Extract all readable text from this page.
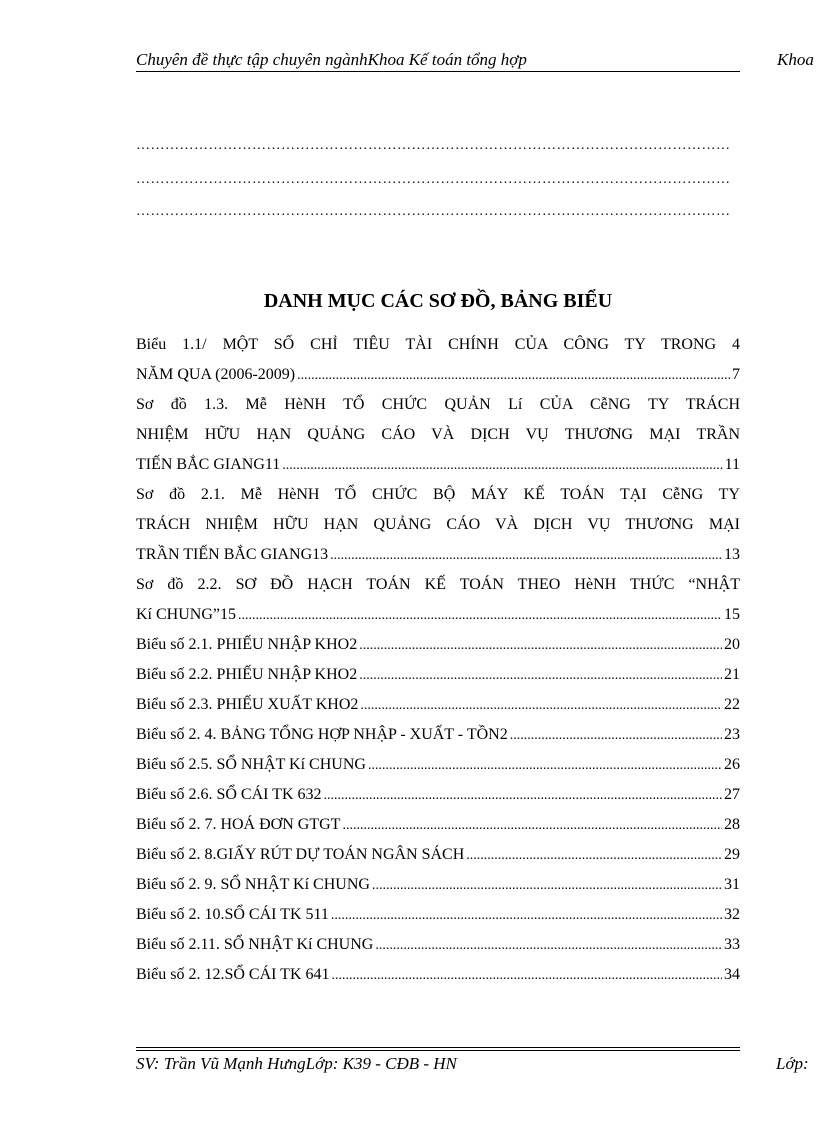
Chuyên đề thực tập chuyên ngànhKhoa Kế toán tổng hợp	Khoa
……………………………………………………………………………………………………………
……………………………………………………………………………………………………………
……………………………………………………………………………………………………………
DANH MỤC CÁC SƠ ĐỒ, BẢNG BIỂU
Biểu 1.1/ MỘT SỐ CHỈ TIÊU TÀI CHÍNH CỦA CÔNG TY TRONG 4
NĂM QUA (2006-2009) .....	7
Sơ đồ 1.3. Mễ HèNH TỔ CHỨC QUẢN Lí CỦA CễNG TY TRÁCH
NHIỆM HỮU HẠN QUẢNG CÁO VÀ DỊCH VỤ THƯƠNG MẠI TRẦN
TIẾN BẮC GIANG11 .....	11
Sơ đồ 2.1. Mễ HèNH TỔ CHỨC BỘ MÁY KẾ TOÁN TẠI CễNG TY
TRÁCH NHIỆM HỮU HẠN QUẢNG CÁO VÀ DỊCH VỤ THƯƠNG MẠI
TRẦN TIẾN BẮC GIANG13 .....	13
Sơ đồ 2.2. SƠ ĐỒ HẠCH TOÁN KẾ TOÁN THEO HèNH THỨC “NHẬT
Kí CHUNG”15 .....	15
Biểu số 2.1. PHIẾU NHẬP KHO2 .....	20
Biểu số 2.2. PHIẾU NHẬP KHO2 .....	21
Biểu số 2.3. PHIẾU XUẤT KHO2 .....	22
Biểu số 2. 4. BẢNG TỔNG HỢP NHẬP - XUẤT - TỒN2 .....	23
Biểu số 2.5. SỔ NHẬT Kí CHUNG .....	26
Biểu số 2.6. SỔ CÁI TK 632 .....	27
Biểu số 2. 7. HOÁ ĐƠN GTGT .....	28
Biểu số 2. 8.GIẤY RÚT DỰ TOÁN NGÂN SÁCH .....	29
Biểu số 2. 9. SỔ NHẬT Kí CHUNG .....	31
Biểu số 2. 10.SỔ CÁI TK 511 .....	32
Biểu số 2.11. SỔ NHẬT Kí CHUNG .....	33
Biểu số 2. 12.SỔ CÁI TK 641 .....	34
SV: Trần Vũ Mạnh HưngLớp: K39 - CĐB - HN	Lớp:
